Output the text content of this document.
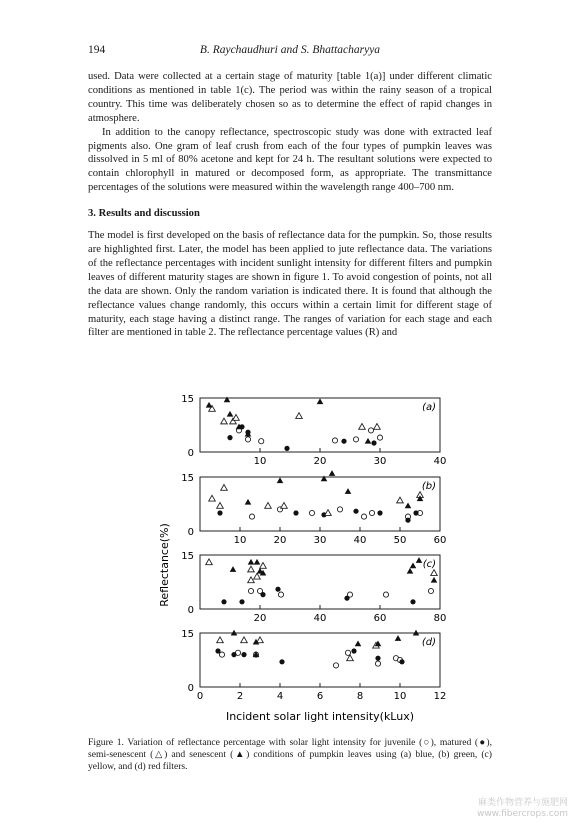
194	B. Raychaudhuri and S. Bhattacharyya

used. Data were collected at a certain stage of maturity [table 1(a)] under different climatic conditions as mentioned in table 1(c). The period was within the rainy season of a tropical country. This time was deliberately chosen so as to determine the effect of rapid changes in atmosphere.

In addition to the canopy reflectance, spectroscopic study was done with extracted leaf pigments also. One gram of leaf crush from each of the four types of pumpkin leaves was dissolved in 5 ml of 80% acetone and kept for 24 h. The resultant solutions were expected to contain chlorophyll in matured or decomposed form, as appropriate. The transmittance percentages of the solutions were measured within the wavelength range 400–700 nm.

3. Results and discussion

The model is first developed on the basis of reflectance data for the pumpkin. So, those results are highlighted first. Later, the model has been applied to jute reflectance data. The variations of the reflectance percentages with incident sunlight intensity for different filters and pumpkin leaves of different maturity stages are shown in figure 1. To avoid congestion of points, not all the data are shown. Only the random variation is indicated there. It is found that although the reflectance values change randomly, this occurs within a certain limit for different stage of maturity, each stage having a distinct range. The ranges of variation for each stage and each filter are mentioned in table 2. The reflectance percentage values (R) and

15
0
10	20	30	40
(a)
15
0
10	20	30	40	50	60
(b)
15
0
20	40	60	80
(c)
15
0
0	2	4	6	8	10	12
(d)
Reflectance(%)
Incident solar light intensity(kLux)
Figure 1. Variation of reflectance percentage with solar light intensity for juvenile (○), matured (●), semi-senescent (△) and senescent (▲) conditions of pumpkin leaves using (a) blue, (b) green, (c) yellow, and (d) red filters.
麻类作物营养与施肥网
www.fibercrops.com
